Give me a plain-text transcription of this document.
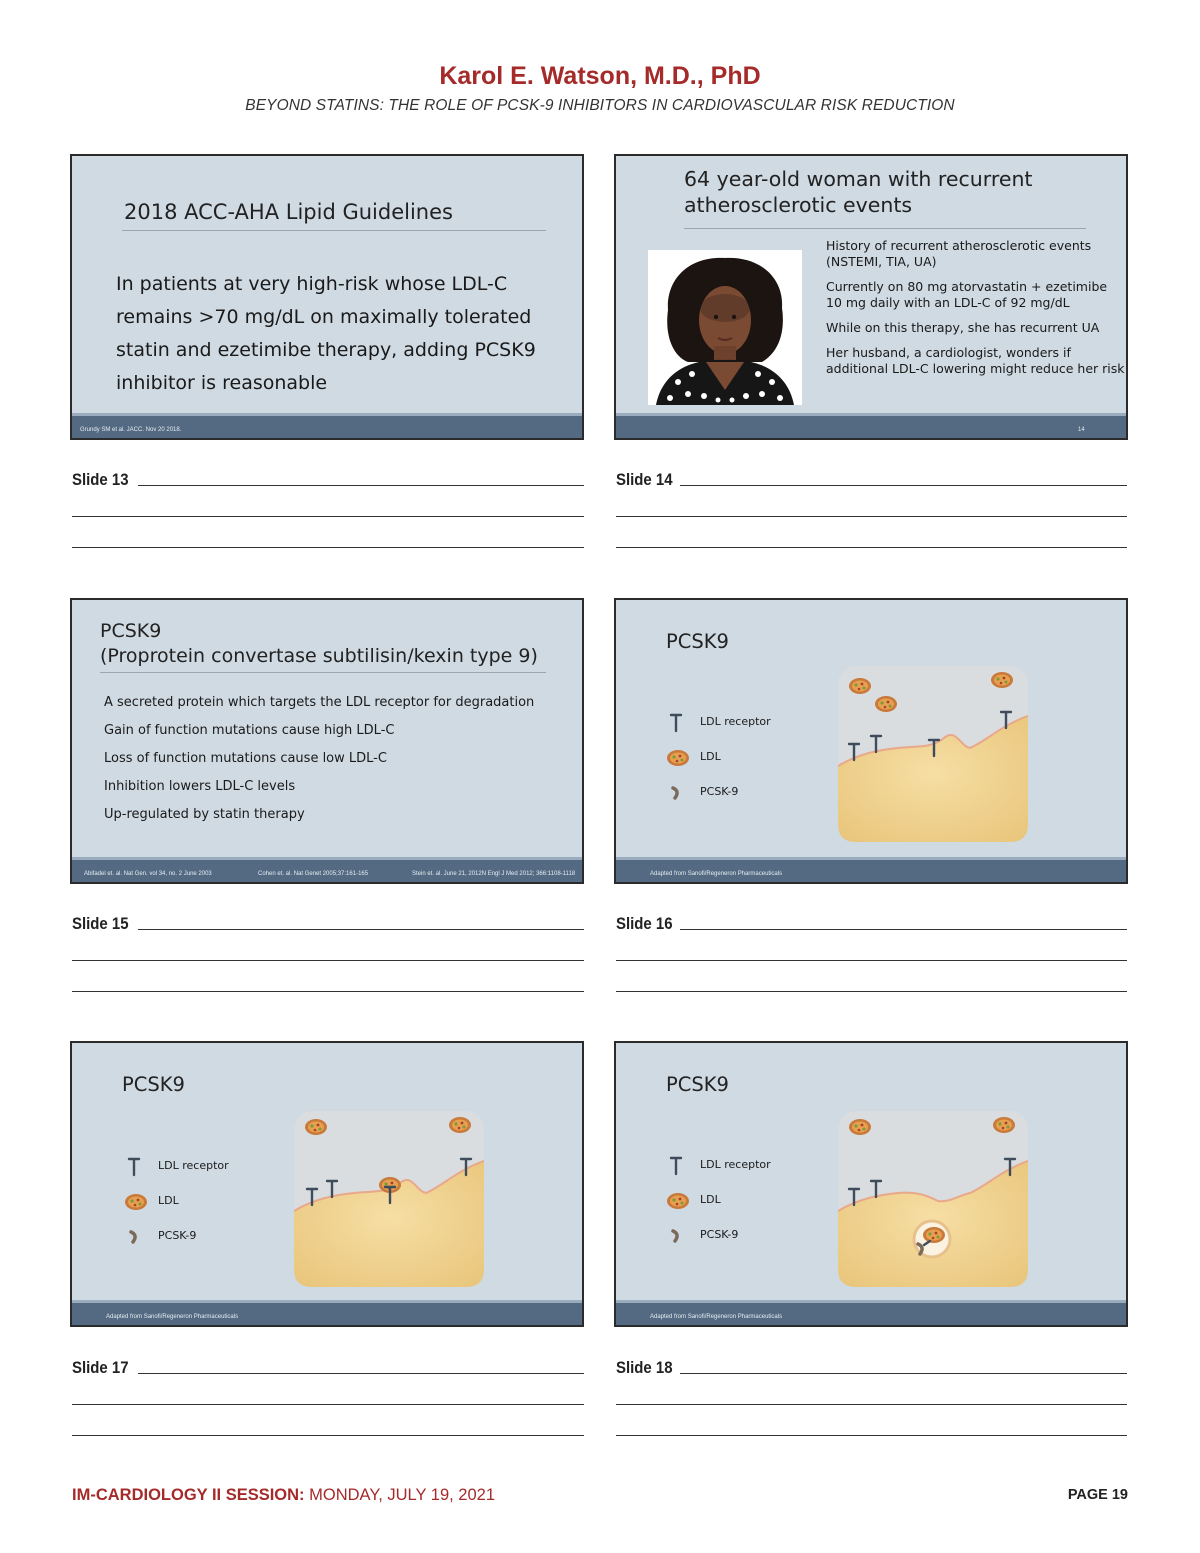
Karol E. Watson, M.D., PhD
BEYOND STATINS: THE ROLE OF PCSK-9 INHIBITORS IN CARDIOVASCULAR RISK REDUCTION
2018 ACC-AHA Lipid Guidelines
In patients at very high-risk whose LDL-C
remains >70 mg/dL on maximally tolerated
statin and ezetimibe therapy, adding PCSK9
inhibitor is reasonable
Grundy SM et al. JACC. Nov 20 2018.
Slide 13
64 year-old woman with recurrent
atherosclerotic events
History of recurrent atherosclerotic events (NSTEMI, TIA, UA)
Currently on 80 mg atorvastatin + ezetimibe 10 mg daily with an LDL-C of 92 mg/dL
While on this therapy, she has recurrent UA
Her husband, a cardiologist, wonders if additional LDL-C lowering might reduce her risk
14
Slide 14
PCSK9
(Proprotein convertase subtilisin/kexin type 9)
A secreted protein which targets the LDL receptor for degradation
Gain of function mutations cause high LDL-C
Loss of function mutations cause low LDL-C
Inhibition lowers LDL-C levels
Up-regulated by statin therapy
Abifadel et. al. Nat Gen. vol 34, no. 2 June 2003	Cohen et. al. Nat Genet 2005;37:161-165	Stein et. al. June 21, 2012N Engl J Med 2012; 366:1108-1118
Slide 15
PCSK9
LDL receptor
LDL
PCSK-9
Adapted from Sanofi/Regeneron Pharmaceuticals
Slide 16
PCSK9
LDL receptor
LDL
PCSK-9
Adapted from Sanofi/Regeneron Pharmaceuticals
Slide 17
PCSK9
LDL receptor
LDL
PCSK-9
Adapted from Sanofi/Regeneron Pharmaceuticals
Slide 18
IM-CARDIOLOGY II SESSION: MONDAY, JULY 19, 2021	PAGE 19
